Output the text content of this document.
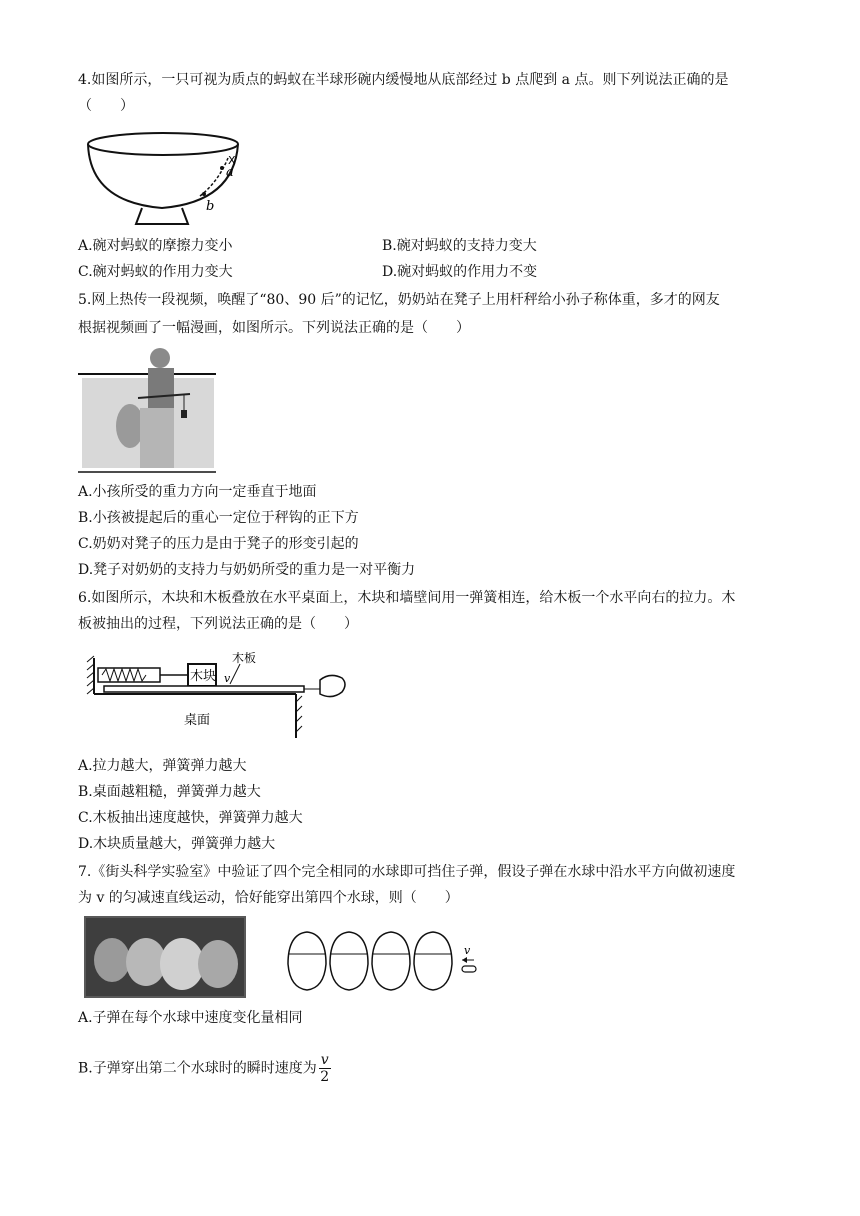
4.如图所示，一只可视为质点的蚂蚁在半球形碗内缓慢地从底部经过 b 点爬到 a 点。则下列说法正确的是
（　　）
a
b
X
A.碗对蚂蚁的摩擦力变小	B.碗对蚂蚁的支持力变大
C.碗对蚂蚁的作用力变大	D.碗对蚂蚁的作用力不变
5.网上热传一段视频，唤醒了“80、90 后”的记忆，奶奶站在凳子上用杆秤给小孙子称体重，多才的网友
根据视频画了一幅漫画，如图所示。下列说法正确的是（　　）
A.小孩所受的重力方向一定垂直于地面
B.小孩被提起后的重心一定位于秤钩的正下方
C.奶奶对凳子的压力是由于凳子的形变引起的
D.凳子对奶奶的支持力与奶奶所受的重力是一对平衡力
6.如图所示，木块和木板叠放在水平桌面上，木块和墙壁间用一弹簧相连，给木板一个水平向右的拉力。木
板被抽出的过程，下列说法正确的是（　　）
木块
木板
v
桌面
A.拉力越大，弹簧弹力越大
B.桌面越粗糙，弹簧弹力越大
C.木板抽出速度越快，弹簧弹力越大
D.木块质量越大，弹簧弹力越大
7.《街头科学实验室》中验证了四个完全相同的水球即可挡住子弹，假设子弹在水球中沿水平方向做初速度
为 v 的匀减速直线运动，恰好能穿出第四个水球，则（　　）
v
A.子弹在每个水球中速度变化量相同
B.子弹穿出第二个水球时的瞬时速度为 $\frac{v}{2}$
